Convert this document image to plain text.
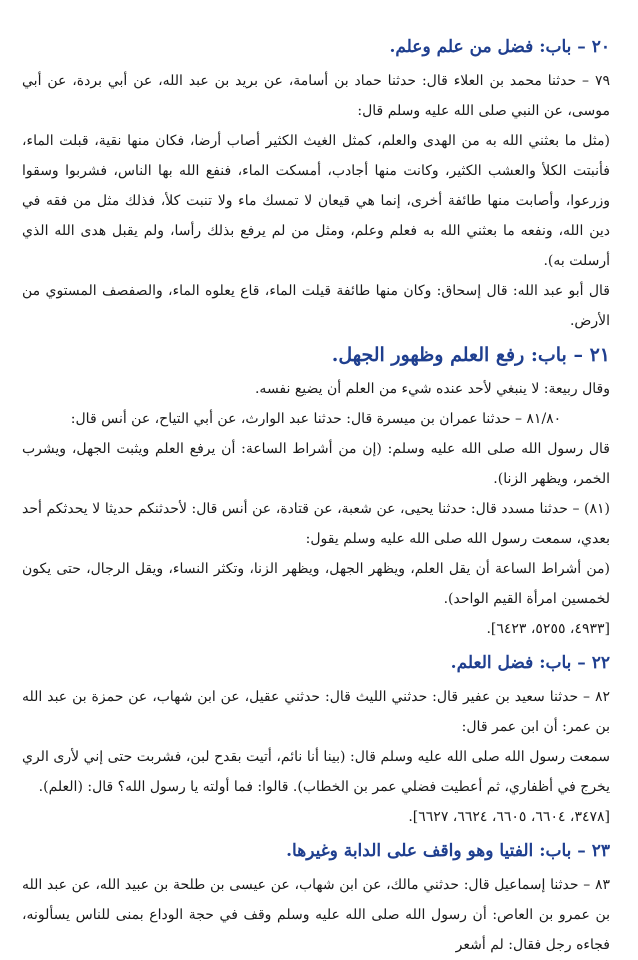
٢٠ – باب: فضل من علم وعلم.

٧٩ – حدثنا محمد بن العلاء قال: حدثنا حماد بن أسامة، عن بريد بن عبد الله، عن أبي بردة، عن أبي موسى، عن النبي صلى الله عليه وسلم قال:

(مثل ما بعثني الله به من الهدى والعلم، كمثل الغيث الكثير أصاب أرضا، فكان منها نقية، قبلت الماء، فأنبتت الكلأ والعشب الكثير، وكانت منها أجادب، أمسكت الماء، فنفع الله بها الناس، فشربوا وسقوا وزرعوا، وأصابت منها طائفة أخرى، إنما هي قيعان لا تمسك ماء ولا تنبت كلأ، فذلك مثل من فقه في دين الله، ونفعه ما بعثني الله به فعلم وعلم، ومثل من لم يرفع بذلك رأسا، ولم يقبل هدى الله الذي أرسلت به).

قال أبو عبد الله: قال إسحاق: وكان منها طائفة قيلت الماء، قاع يعلوه الماء، والصفصف المستوي من الأرض.

٢١ – باب: رفع العلم وظهور الجهل.

وقال ربيعة: لا ينبغي لأحد عنده شيء من العلم أن يضيع نفسه.

٨١/٨٠ – حدثنا عمران بن ميسرة قال: حدثنا عبد الوارث، عن أبي التياح، عن أنس قال:

قال رسول الله صلى الله عليه وسلم: (إن من أشراط الساعة: أن يرفع العلم ويثبت الجهل، ويشرب الخمر، ويظهر الزنا).

(٨١) – حدثنا مسدد قال: حدثنا يحيى، عن شعبة، عن قتادة، عن أنس قال: لأحدثنكم حديثا لا يحدثكم أحد بعدي، سمعت رسول الله صلى الله عليه وسلم يقول:

(من أشراط الساعة أن يقل العلم، ويظهر الجهل، ويظهر الزنا، وتكثر النساء، ويقل الرجال، حتى يكون لخمسين امرأة القيم الواحد).

[٤٩٣٣، ٥٢٥٥، ٦٤٢٣].

٢٢ – باب: فضل العلم.

٨٢ – حدثنا سعيد بن عفير قال: حدثني الليث قال: حدثني عقيل، عن ابن شهاب، عن حمزة بن عبد الله بن عمر: أن ابن عمر قال:

سمعت رسول الله صلى الله عليه وسلم قال: (بينا أنا نائم، أتيت بقدح لبن، فشربت حتى إني لأرى الري يخرج في أظفاري، ثم أعطيت فضلي عمر بن الخطاب). قالوا: فما أولته يا رسول الله؟ قال: (العلم).

[٣٤٧٨، ٦٦٠٤، ٦٦٠٥، ٦٦٢٤، ٦٦٢٧].

٢٣ – باب: الفتيا وهو واقف على الدابة وغيرها.

٨٣ – حدثنا إسماعيل قال: حدثني مالك، عن ابن شهاب، عن عيسى بن طلحة بن عبيد الله، عن عبد الله بن عمرو بن العاص: أن رسول الله صلى الله عليه وسلم وقف في حجة الوداع بمنى للناس يسألونه، فجاءه رجل فقال: لم أشعر
